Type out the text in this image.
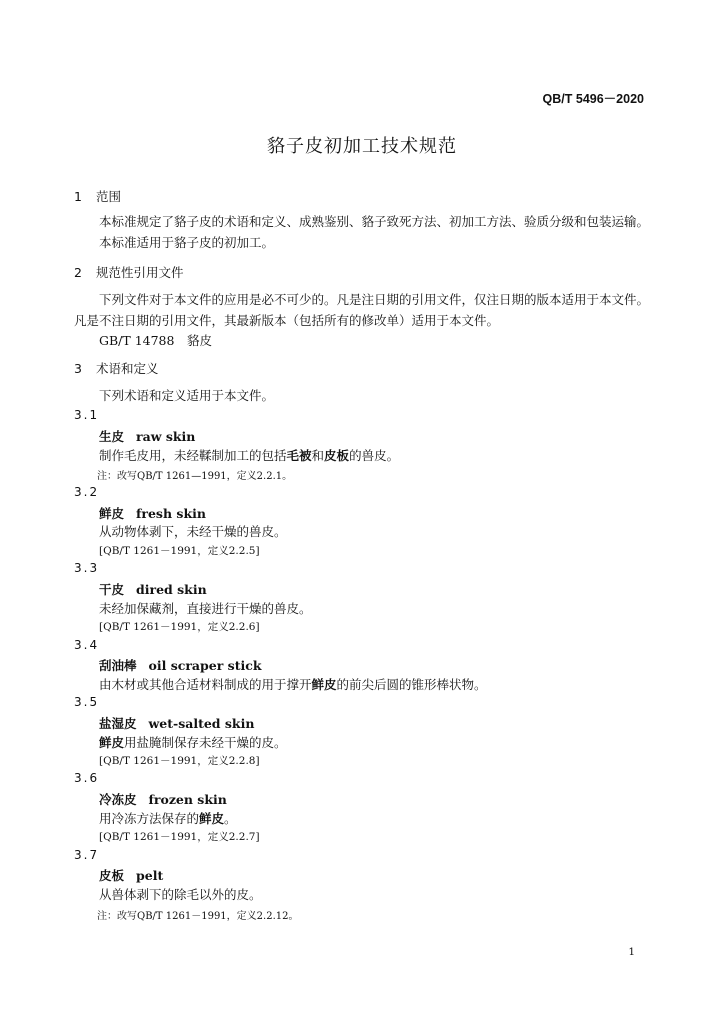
QB/T 5496－2020
貉子皮初加工技术规范
1 范围
本标准规定了貉子皮的术语和定义、成熟鉴别、貉子致死方法、初加工方法、验质分级和包装运输。
本标准适用于貉子皮的初加工。
2 规范性引用文件
下列文件对于本文件的应用是必不可少的。凡是注日期的引用文件，仅注日期的版本适用于本文件。
凡是不注日期的引用文件，其最新版本（包括所有的修改单）适用于本文件。
GB/T 14788　貉皮
3 术语和定义
下列术语和定义适用于本文件。
3.1
生皮 raw skin
制作毛皮用，未经鞣制加工的包括毛被和皮板的兽皮。
注：改写QB/T 1261—1991，定义2.2.1。
3.2
鲜皮 fresh skin
从动物体剥下，未经干燥的兽皮。
[QB/T 1261－1991，定义2.2.5]
3.3
干皮 dired skin
未经加保藏剂，直接进行干燥的兽皮。
[QB/T 1261－1991，定义2.2.6]
3.4
刮油棒 oil scraper stick
由木材或其他合适材料制成的用于撑开鲜皮的前尖后圆的锥形棒状物。
3.5
盐湿皮 wet-salted skin
鲜皮用盐腌制保存未经干燥的皮。
[QB/T 1261－1991，定义2.2.8]
3.6
冷冻皮 frozen skin
用冷冻方法保存的鲜皮。
[QB/T 1261－1991，定义2.2.7]
3.7
皮板 pelt
从兽体剥下的除毛以外的皮。
注：改写QB/T 1261－1991，定义2.2.12。
1
